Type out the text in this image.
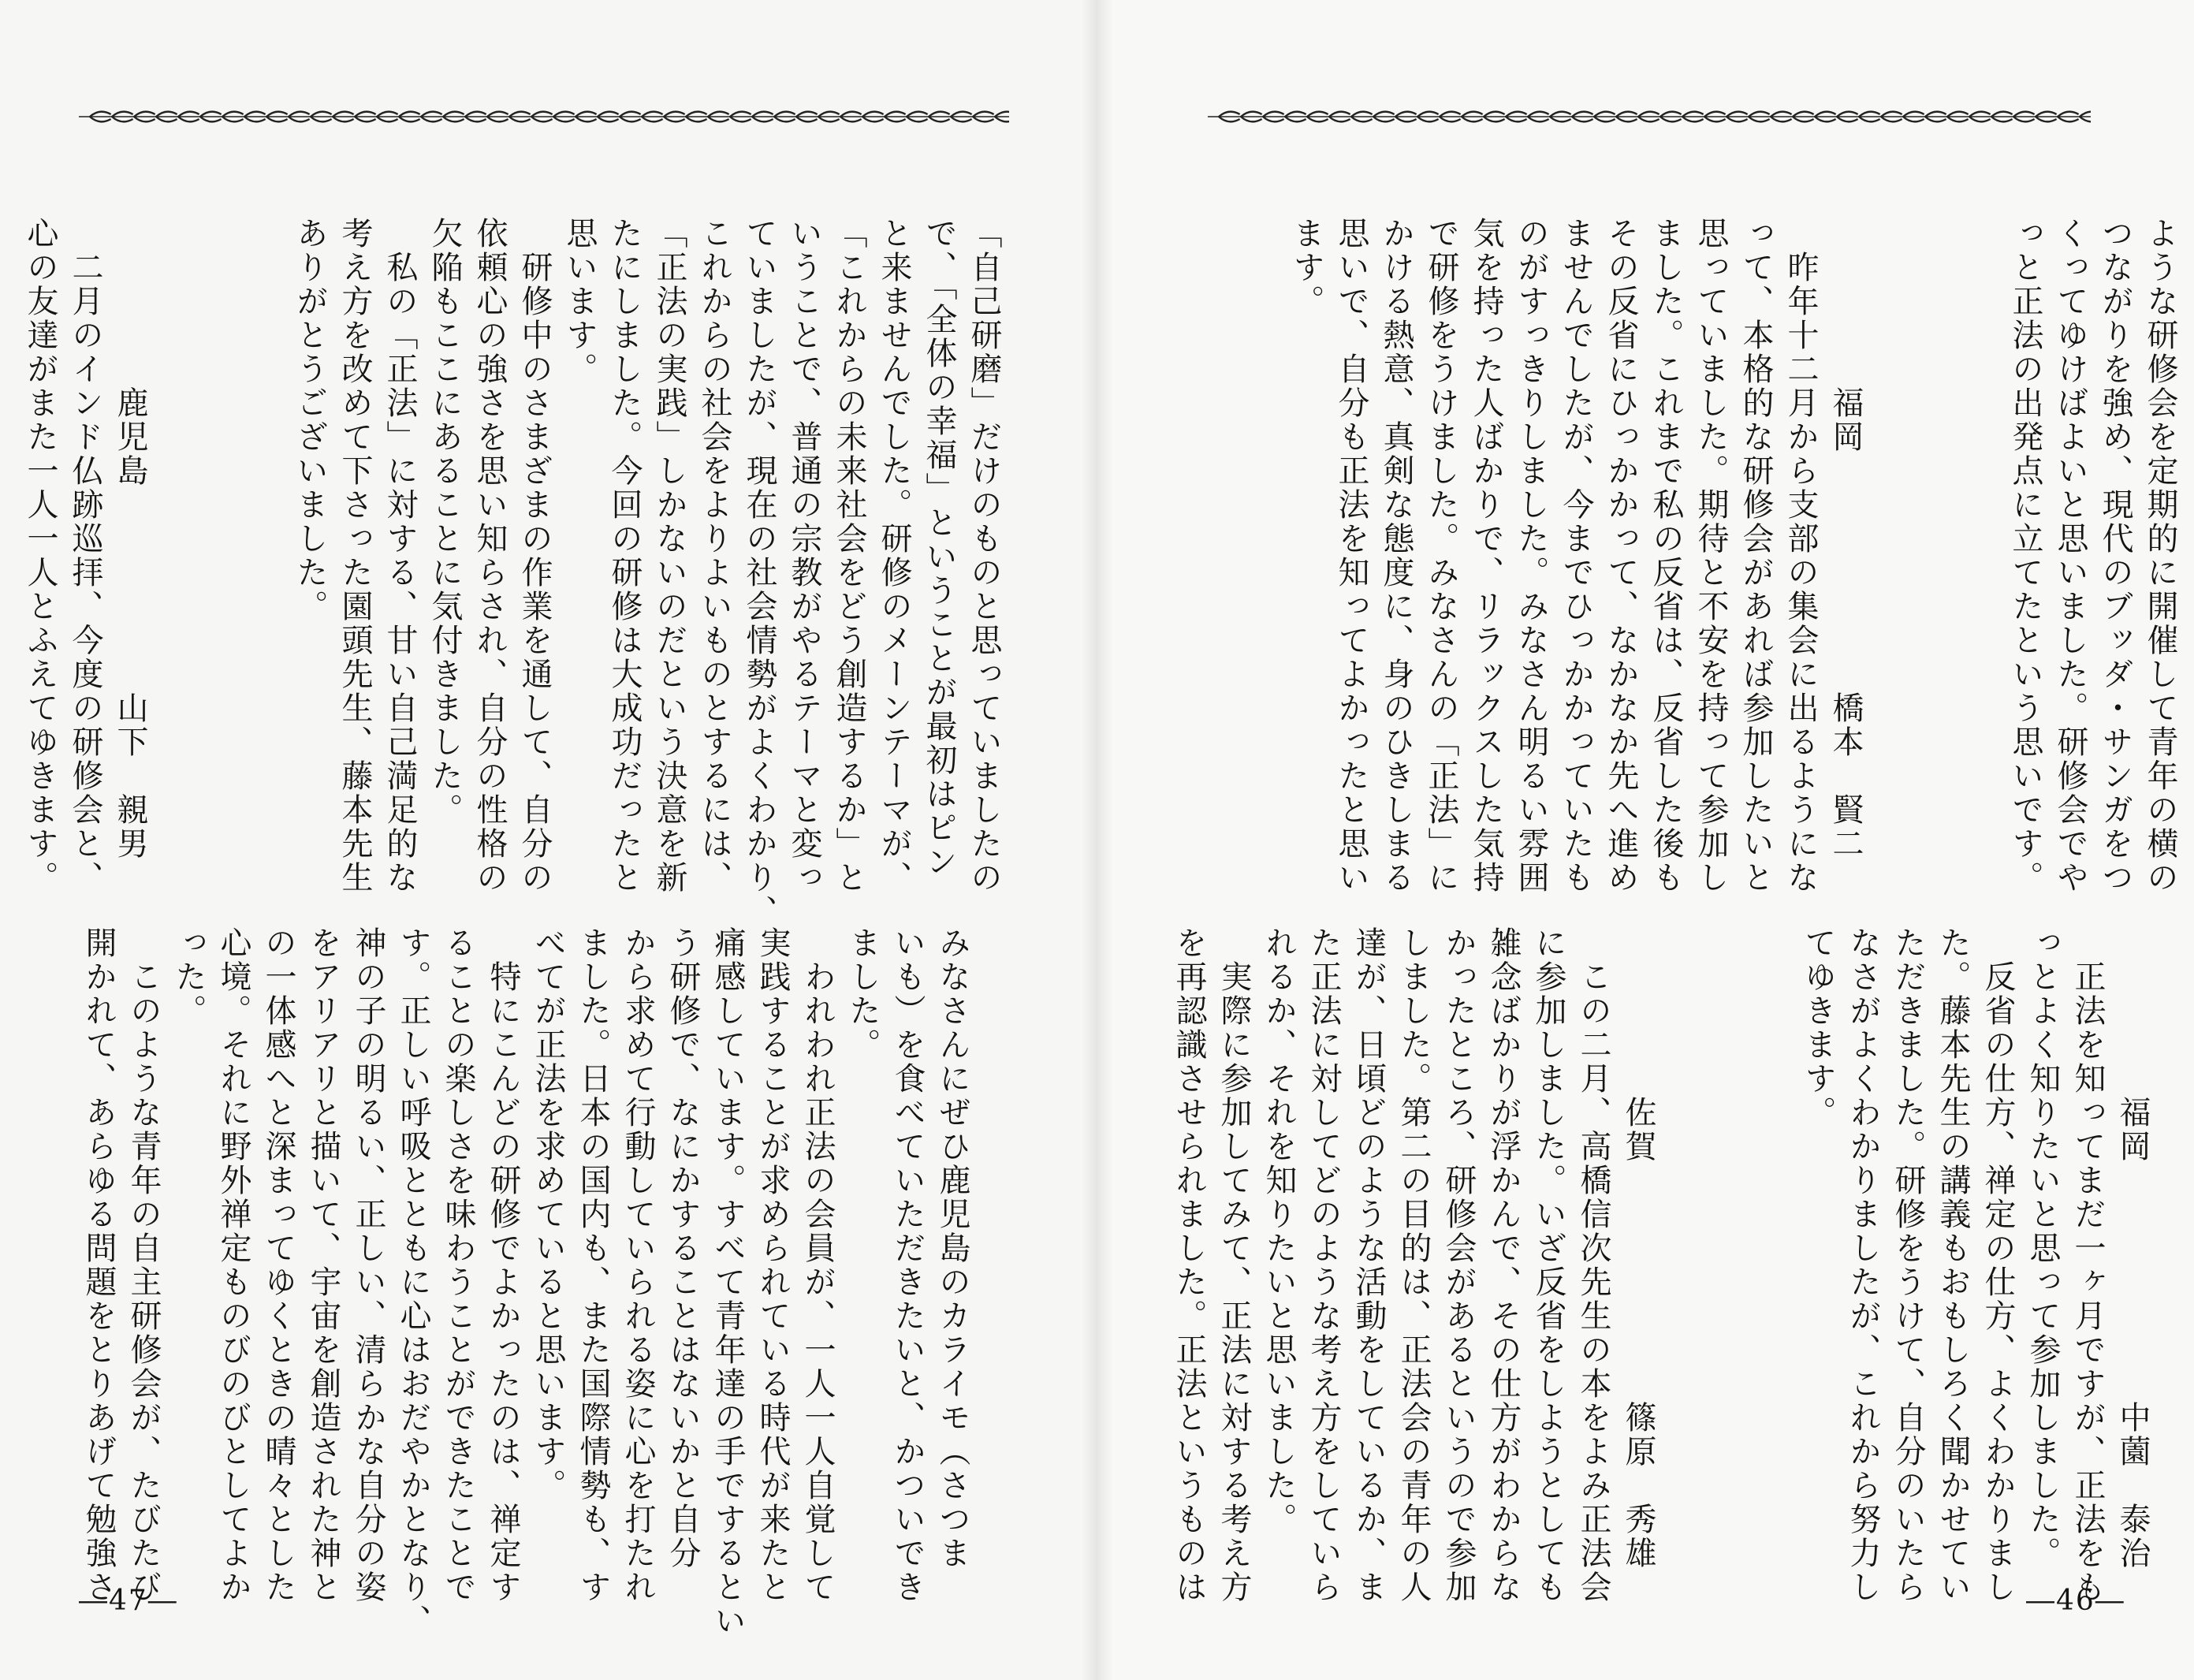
「自己研磨」だけのものと思っていましたの
で、「全体の幸福」ということが最初はピン
と来ませんでした。研修のメーンテーマが、
「これからの未来社会をどう創造するか」と
いうことで、普通の宗教がやるテーマと変っ
ていましたが、現在の社会情勢がよくわかり、
これからの社会をよりよいものとするには、
「正法の実践」しかないのだという決意を新
たにしました。今回の研修は大成功だったと
思います。
　研修中のさまざまの作業を通して、自分の
依頼心の強さを思い知らされ、自分の性格の
欠陥もここにあることに気付きました。
　私の「正法」に対する、甘い自己満足的な
考え方を改めて下さった園頭先生、藤本先生
ありがとうございました。

　　　　　鹿児島　　　　　　山下　親男
　二月のインド仏跡巡拝、今度の研修会と、
心の友達がまた一人一人とふえてゆきます。
みなさんにぜひ鹿児島のカライモ（さつま
いも）を食べていただきたいと、かついでき
ました。
　われわれ正法の会員が、一人一人自覚して
実践することが求められている時代が来たと
痛感しています。すべて青年達の手でするとい
う研修で、なにかすることはないかと自分
から求めて行動していられる姿に心を打たれ
ました。日本の国内も、また国際情勢も、す
べてが正法を求めていると思います。
　特にこんどの研修でよかったのは、禅定す
ることの楽しさを味わうことができたことで
す。正しい呼吸とともに心はおだやかとなり、
神の子の明るい、正しい、清らかな自分の姿
をアリアリと描いて、宇宙を創造された神と
の一体感へと深まってゆくときの晴々とした
心境。それに野外禅定ものびのびとしてよか
った。
　このような青年の自主研修会が、たびたび
開かれて、あらゆる問題をとりあげて勉強さ
―47―
ような研修会を定期的に開催して青年の横の
つながりを強め、現代のブッダ・サンガをつ
くってゆけばよいと思いました。研修会でや
っと正法の出発点に立てたという思いです。

　　　　　福岡　　　　　　　橋本　賢二
　昨年十二月から支部の集会に出るようにな
って、本格的な研修会があれば参加したいと
思っていました。期待と不安を持って参加し
ました。これまで私の反省は、反省した後も
その反省にひっかかって、なかなか先へ進め
ませんでしたが、今までひっかかっていたも
のがすっきりしました。みなさん明るい雰囲
気を持った人ばかりで、リラックスした気持
で研修をうけました。みなさんの「正法」に
かける熱意、真剣な態度に、身のひきしまる
思いで、自分も正法を知ってよかったと思い
ます。

　　　　　福岡　　　　　　　中薗　泰治
　正法を知ってまだ一ヶ月ですが、正法をも
っとよく知りたいと思って参加しました。
　反省の仕方、禅定の仕方、よくわかりまし
た。藤本先生の講義もおもしろく聞かせてい
ただきました。研修をうけて、自分のいたら
なさがよくわかりましたが、これから努力し
てゆきます。

　　　　　佐賀　　　　　　　篠原　秀雄
　この二月、高橋信次先生の本をよみ正法会
に参加しました。いざ反省をしようとしても
雑念ばかりが浮かんで、その仕方がわからな
かったところ、研修会があるというので参加
しました。第二の目的は、正法会の青年の人
達が、日頃どのような活動をしているか、ま
た正法に対してどのような考え方をしていら
れるか、それを知りたいと思いました。
　実際に参加してみて、正法に対する考え方
を再認識させられました。正法というものは	―46―
